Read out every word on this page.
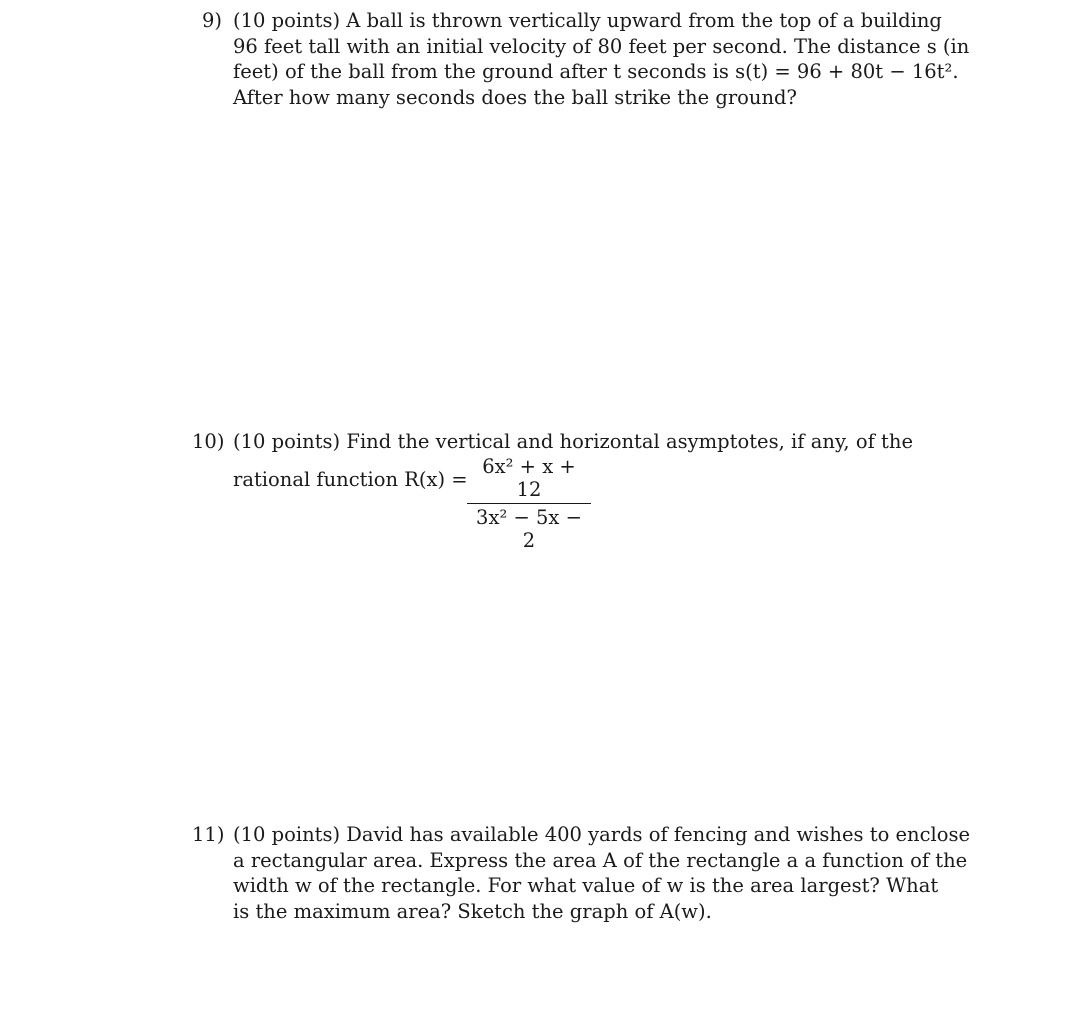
9) (10 points) A ball is thrown vertically upward from the top of a building
96 feet tall with an initial velocity of 80 feet per second. The distance s (in
feet) of the ball from the ground after t seconds is s(t) = 96 + 80t − 16t².
After how many seconds does the ball strike the ground?
10) (10 points) Find the vertical and horizontal asymptotes, if any, of the
rational function R(x) =
6x² + x + 12
3x² − 5x − 2
11) (10 points) David has available 400 yards of fencing and wishes to enclose
a rectangular area. Express the area A of the rectangle a a function of the
width w of the rectangle. For what value of w is the area largest? What
is the maximum area? Sketch the graph of A(w).
